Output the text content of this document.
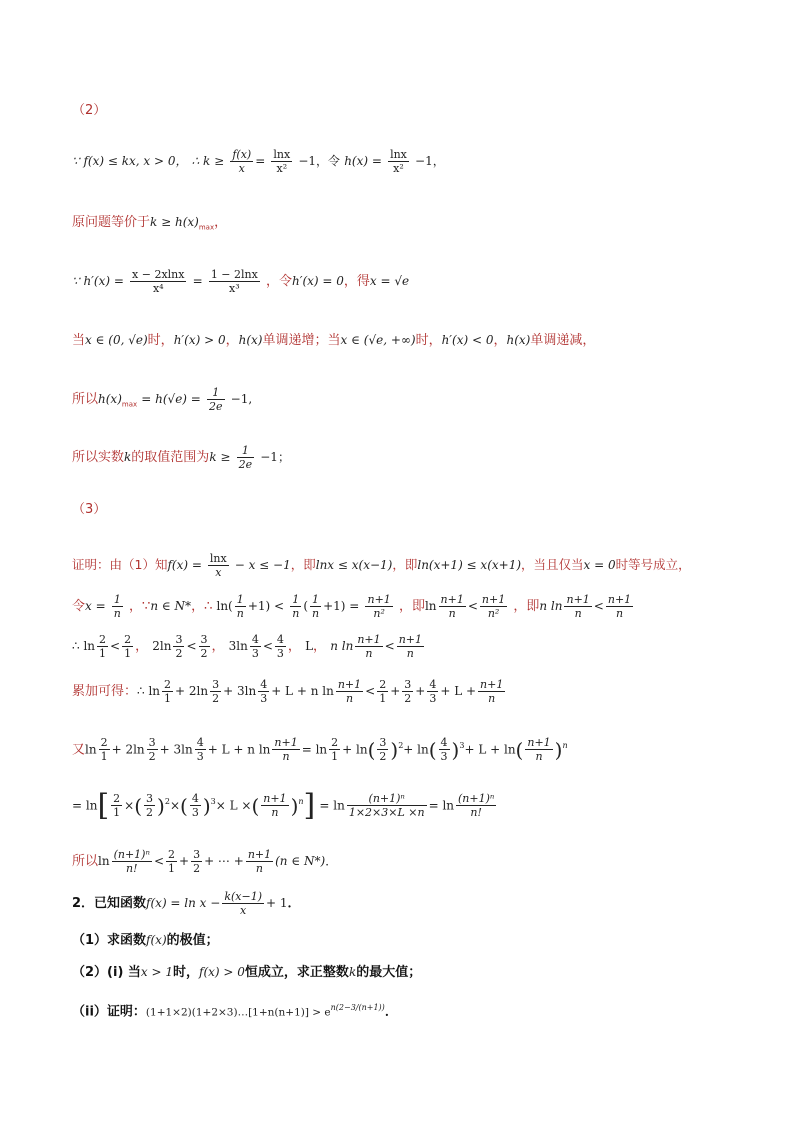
（2）
∵ f(x) ≤ kx, x > 0， ∴ $k \ge \frac{f(x)}{x} = \frac{\ln x}{\text{x²}} -1$，令 $h(x) = \frac{\ln x}{\text{x²}} -1$，
原问题等价于$k \ge h(x)_{max}$，
∵ $h'(x) = \frac{x - 2xlnx}{\text{x⁴}} = \frac{1 - 2\ln x}{\text{x³}}$ ，令h′(x) = 0，得x = √e
当x ∈ (0, √e)时，h′(x) > 0，h(x)单调递增；当x ∈ (√e, +∞)时，h′(x) < 0，h(x)单调递减，
所以$h(x)_{max} = h(√e) = \frac{1}{2e} -1$,
所以实数k的取值范围为$k \ge \frac{1}{2e} -1$；
（3）
证明：由（1）知$f(x) = \frac{\ln x}{x} - x \le -1$，即lnx ≤ x(x−1)，即ln(x+1) ≤ x(x+1)，当且仅当x = 0时等号成立，
令$x = \frac{1}{n}$ ，∵n ∈ N*，∴ $\ln( \frac{1}{n} +1) < \frac{1}{n}$ ( $\frac{1}{n} +1) = \frac{n+1}{\text{n²}}$ ，即$\ln \frac{n+1}{n} < \frac{n+1}{\text{n²}}$ ，即n $\ln \frac{n+1}{n} < \frac{n+1}{n}$
∴ $\ln \frac{2}{1} < \frac{2}{1}$ ， $2\ln \frac{3}{2} < \frac{3}{2}$ ， $3\ln \frac{4}{3} < \frac{4}{3}$ ， L， n $\ln \frac{n+1}{n} < \frac{n+1}{n}$
累加可得：∴ $\ln \frac{2}{1} + 2\ln \frac{3}{2} + 3\ln \frac{4}{3} + L + n$ $\ln \frac{n+1}{n} < \frac{2}{1} + \frac{3}{2} + \frac{4}{3} + L + \frac{n+1}{n}$
又$\ln \frac{2}{1} + 2\ln \frac{3}{2} + 3\ln \frac{4}{3} + L + n$ $\ln \frac{n+1}{n} = \ln \frac{2}{1} + \ln( \frac{3}{2} )^2+ \ln( \frac{4}{3} )^3+ L + \ln( \frac{n+1}{n} )^n$
= $\ln[ \frac{2}{1}$ ×( $\frac{3}{2} )^2\times( \frac{4}{3} )^3\times L$ ×( $\frac{n+1}{n} )^n] = \ln \frac{\text{(n+1)ⁿ}}{1\times 2\times 3\times L \times n} = \ln \frac{\text{(n+1)ⁿ}}{n!}$
所以$\ln \frac{\text{(n+1)ⁿ}}{n!} < \frac{2}{1} + \frac{3}{2}$ + ⋯ + $\frac{n+1}{n} (n$ ∈ N*)．
2．已知函数$f(x) = \ln x - \frac{k(x-1)}{x} + 1$．
（1）求函数f(x)的极值；
（2）(i) 当x > 1时，f(x) > 0恒成立，求正整数k的最大值；
（ii）证明：(1+1×2)(1+2×3)…[1+n(n+1)] > $e^{n(2-3/(n+1))}$．
